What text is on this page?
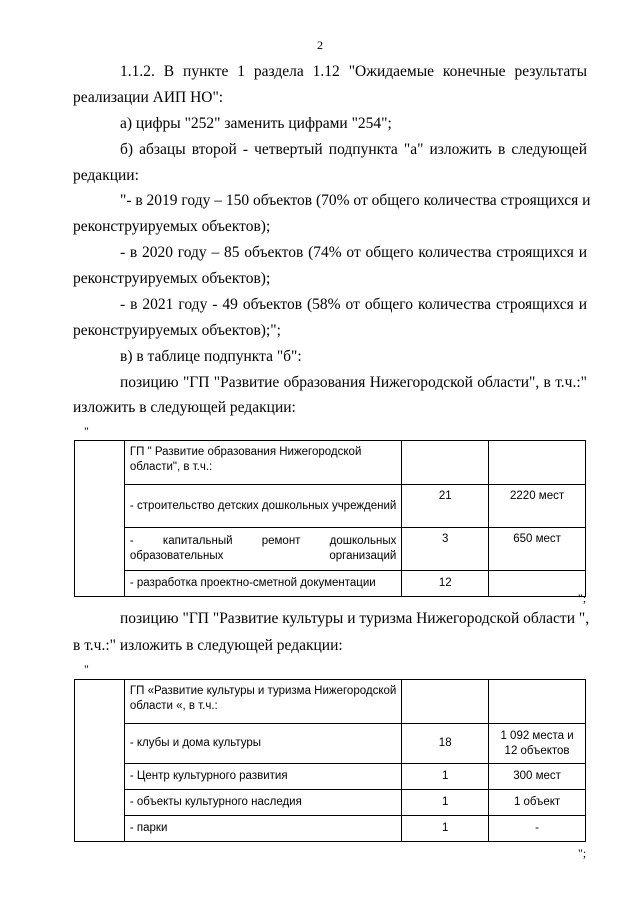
2
1.1.2. В пункте 1 раздела 1.12 "Ожидаемые конечные результаты
реализации АИП НО":
а) цифры "252" заменить цифрами "254";
б) абзацы второй - четвертый подпункта "а" изложить в следующей
редакции:
"- в 2019 году – 150 объектов (70% от общего количества строящихся и
реконструируемых объектов);
- в 2020 году – 85 объектов (74% от общего количества строящихся и
реконструируемых объектов);
- в 2021 году - 49 объектов (58% от общего количества строящихся и
реконструируемых объектов);";
в) в таблице подпункта "б":
позицию "ГП "Развитие образования Нижегородской области", в т.ч.:"
изложить в следующей редакции:
"
	ГП " Развитие образования Нижегородской области", в т.ч.:		
	- строительство детских дошкольных учреждений	21	2220 мест
	- капитальный ремонт дошкольных образовательных организаций	3	650 мест
	- разработка проектно-сметной документации	12	
";
позицию "ГП "Развитие культуры и туризма Нижегородской области ",
в т.ч.:" изложить в следующей редакции:
"
	ГП «Развитие культуры и туризма Нижегородской области «, в т.ч.:		
	- клубы и дома культуры	18	1 092 места и 12 объектов
	- Центр культурного развития	1	300 мест
	- объекты культурного наследия	1	1 объект
	- парки	1	-
";
